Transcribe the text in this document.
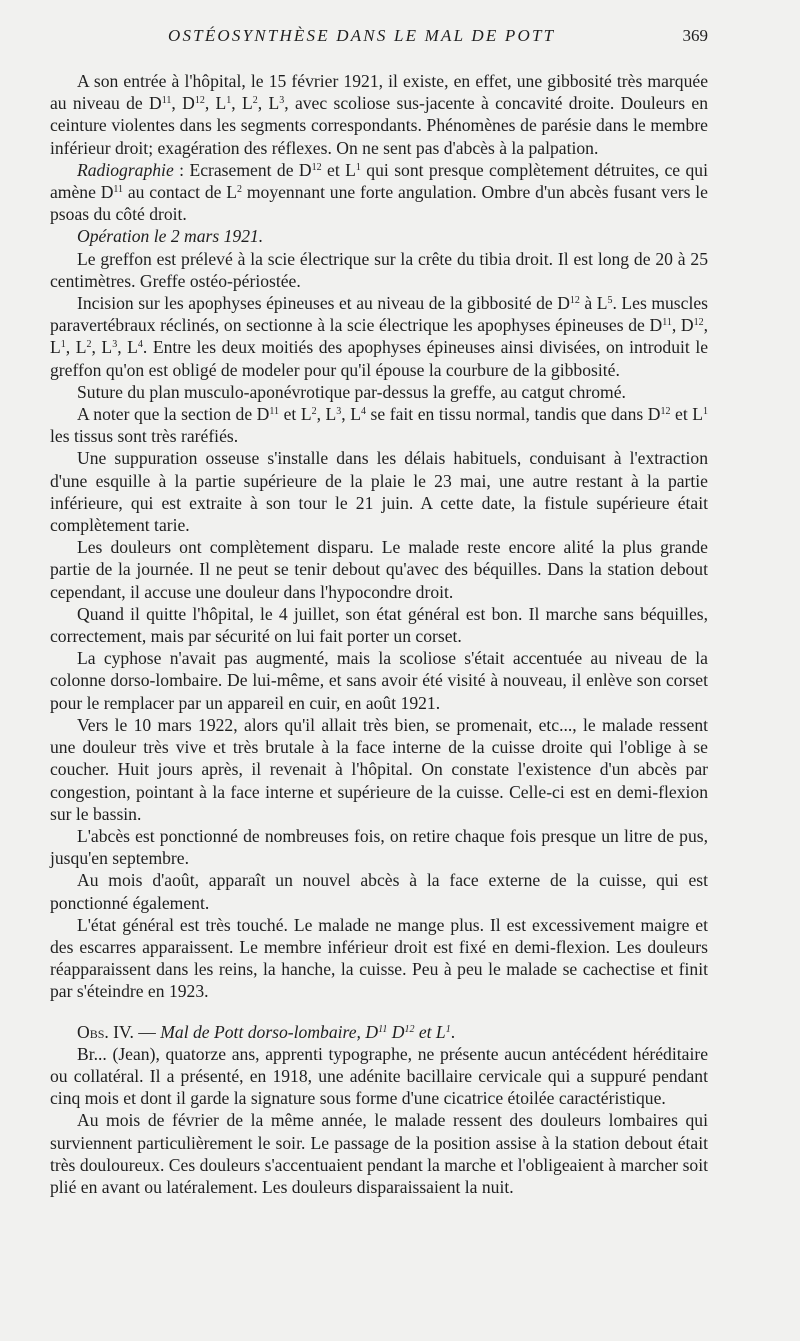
OSTÉOSYNTHÈSE DANS LE MAL DE POTT	369

A son entrée à l'hôpital, le 15 février 1921, il existe, en effet, une gibbosité très marquée au niveau de $D^{11}$, $D^{12}$, $L^1$, $L^2$, $L^3$, avec scoliose sus-jacente à concavité droite. Douleurs en ceinture violentes dans les segments correspondants. Phénomènes de parésie dans le membre inférieur droit; exagération des réflexes. On ne sent pas d'abcès à la palpation.

Radiographie : Ecrasement de $D^{12}$ et $L^1$ qui sont presque complètement détruites, ce qui amène $D^{11}$ au contact de $L^2$ moyennant une forte angulation. Ombre d'un abcès fusant vers le psoas du côté droit.

Opération le 2 mars 1921.

Le greffon est prélevé à la scie électrique sur la crête du tibia droit. Il est long de 20 à 25 centimètres. Greffe ostéo-périostée.

Incision sur les apophyses épineuses et au niveau de la gibbosité de $D^{12}$ à $L^5$. Les muscles paravertébraux réclinés, on sectionne à la scie électrique les apophyses épineuses de $D^{11}$, $D^{12}$, $L^1$, $L^2$, $L^3$, $L^4$. Entre les deux moitiés des apophyses épineuses ainsi divisées, on introduit le greffon qu'on est obligé de modeler pour qu'il épouse la courbure de la gibbosité.

Suture du plan musculo-aponévrotique par-dessus la greffe, au catgut chromé.

A noter que la section de $D^{11}$ et $L^2$, $L^3$, $L^4$ se fait en tissu normal, tandis que dans $D^{12}$ et $L^1$ les tissus sont très raréfiés.

Une suppuration osseuse s'installe dans les délais habituels, conduisant à l'extraction d'une esquille à la partie supérieure de la plaie le 23 mai, une autre restant à la partie inférieure, qui est extraite à son tour le 21 juin. A cette date, la fistule supérieure était complètement tarie.

Les douleurs ont complètement disparu. Le malade reste encore alité la plus grande partie de la journée. Il ne peut se tenir debout qu'avec des béquilles. Dans la station debout cependant, il accuse une douleur dans l'hypocondre droit.

Quand il quitte l'hôpital, le 4 juillet, son état général est bon. Il marche sans béquilles, correctement, mais par sécurité on lui fait porter un corset.

La cyphose n'avait pas augmenté, mais la scoliose s'était accentuée au niveau de la colonne dorso-lombaire. De lui-même, et sans avoir été visité à nouveau, il enlève son corset pour le remplacer par un appareil en cuir, en août 1921.

Vers le 10 mars 1922, alors qu'il allait très bien, se promenait, etc..., le malade ressent une douleur très vive et très brutale à la face interne de la cuisse droite qui l'oblige à se coucher. Huit jours après, il revenait à l'hôpital. On constate l'existence d'un abcès par congestion, pointant à la face interne et supérieure de la cuisse. Celle-ci est en demi-flexion sur le bassin.

L'abcès est ponctionné de nombreuses fois, on retire chaque fois presque un litre de pus, jusqu'en septembre.

Au mois d'août, apparaît un nouvel abcès à la face externe de la cuisse, qui est ponctionné également.

L'état général est très touché. Le malade ne mange plus. Il est excessivement maigre et des escarres apparaissent. Le membre inférieur droit est fixé en demi-flexion. Les douleurs réapparaissent dans les reins, la hanche, la cuisse. Peu à peu le malade se cachectise et finit par s'éteindre en 1923.

Obs. IV. — Mal de Pott dorso-lombaire, $D^{11}$ $D^{12}$ et $L^1$.

Br... (Jean), quatorze ans, apprenti typographe, ne présente aucun antécédent héréditaire ou collatéral. Il a présenté, en 1918, une adénite bacillaire cervicale qui a suppuré pendant cinq mois et dont il garde la signature sous forme d'une cicatrice étoilée caractéristique.

Au mois de février de la même année, le malade ressent des douleurs lombaires qui surviennent particulièrement le soir. Le passage de la position assise à la station debout était très douloureux. Ces douleurs s'accentuaient pendant la marche et l'obligeaient à marcher soit plié en avant ou latéralement. Les douleurs disparaissaient la nuit.
